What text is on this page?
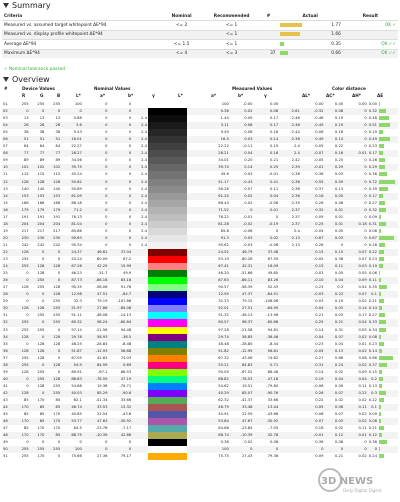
Summary
Criteria	Nominal	Recommended	#	Actual	Result
Measured vs. assumed target whitepoint ΔE*94	<= 2	<= 1		1.77	OK ✓
Measured vs. display profile whitepoint ΔE*94		<= 1		1.66	
Average ΔE*94	<= 1.5	<= 1		0.35	OK ✓✓
Maximum ΔE*94	<= 4	<= 3	37	0.66	OK ✓✓
✓ Nominal tolerance passed
Overview
#	Device Values	Nominal Values	Measured Values	Color distance
R	G	B	L*	a*	b*	γ	L*	a*	b*	γ	ΔL*	ΔC*	ΔH*	ΔE
01	255	255	255	100	0	0			100	-0.00	0.00		0.00	0.00	0.00	0.00	
02	0	0	0	0	0	0			0.36	0.02	0.08	2.61	-0.32	0.08	0	0.32	
03	13	13	13	0.88	0	0	2.4		1.44	0.09	0.17	2.46	-0.48	0.19	0	0.48	
04	26	26	26	3.6	0	0	2.4		3.11	0.08	0.17	2.46	-0.49	0.19	0	0.51	
05	38	38	38	9.43	0	0	2.4		9.49	0.08	0.16	2.44	0.06	0.18	0	0.19	
06	51	51	51	16.01	0	0	2.4		16.5	0.03	0.14	2.38	0.49	0.14	0	0.49	
07	64	64	64	22.27	0	0	2.4		22.22	-0.11	0.19	2.4	0.05	0.22	0	0.23	
08	77	77	77	28.27	0	0	2.4		28.21	0.04	0.16	2.4	-0.07	0.16	0.01	0.17	
09	89	89	89	34.06	0	0	2.4		34.01	0.20	0.21	2.42	-0.05	0.25	0	0.26	
10	102	102	102	39.75	0	0	2.4		39.74	0.14	0.25	2.39	-0.01	0.29	0	0.29	
11	115	115	115	45.24	0	0	2.4		45.6	0.03	-0.01	2.38	0.36	0.03	0	0.36	
12	128	128	128	50.62	0	0	2.4		51.17	-0.43	0.41	2.36	0.55	0.59	0	0.72	
13	140	140	140	55.89	0	0	2.4		56.26	0.07	0.11	2.36	0.37	0.13	0	0.39	
14	153	153	153	61.09	0	0	2.4		61.25	0.02	0.04	2.36	0.16	0.05	0	0.17	
15	166	166	166	66.18	0	0	2.4		66.44	0.02	-0.06	2.35	0.26	0.06	0	0.27	
16	179	179	179	71.2	0	0	2.4		71.52	0	0.01	2.37	0.32	0.01	0	0.32	
17	191	191	191	76.13	0	0	2.4		76.22	-0.01	0	2.37	0.09	0.01	0	0.09	
18	204	204	204	81.04	0	0	2.4		81.28	-0.02	-0.19	2.37	0.25	0.01	0.18	0.31	
19	217	217	217	85.86	0	0	2.4		85.8	-0.06	0	2.4	-0.05	0.05	0	0.08	
20	230	230	230	90.63	0	0	2.4		91.3	0.03	0.02	2.13	0.67	0.03	0	0.67	
21	242	242	242	95.34	0	0	2.4		95.62	-0.03	-0.08	2.13	0.28	0	0	0.28	
22	128	0	0	24.37	46.61	37.04			24.52	46.79	37.48		0.15	0.15	0.07	0.22	
23	255	0	0	53.24	80.09	67.2			53.19	80.28	67.59		-0.05	0.38	0.07	0.23	
24	255	128	128	67.26	42.25	15.99			67.41	42.31	16.09		0.15	0.11	0.03	0.19	
25	0	128	0	46.23	-51.7	49.9			46.20	-51.66	49.85		-0.03	0.05	0.05	0.06	
26	0	255	0	87.73	-86.18	83.18			87.63	-86.11	83.26		-0.10	0.04	0.09	0.11	
27	128	255	128	90.35	-58.06	51.76			90.57	-58.39	52.43		0.23	0.3	0.54	0.35	
28	0	0	128	12.98	47.51	-64.7			12.95	47.37	-64.51		-0.03	0.23	0.07	0.1	
29	0	0	255	32.3	79.19	-107.86			32.33	79.15	-108.06		0.03	0.19	0.02	0.21	
30	128	128	255	51.97	27.66	-65.08			52.01	27.51	-64.95		0.04	0.03	0.14	0.14	
31	0	255	255	91.11	-48.08	-14.13			91.32	-48.13	-13.96		0.21	0.03	0.17	0.27	
32	255	0	255	60.32	98.24	-60.84			60.57	98.37	-60.68		0.25	0.21	0.04	0.33	
33	255	255	0	97.14	-21.56	94.48			97.28	-21.58	94.81		0.14	0.31	0.05	0.34	
34	128	0	128	29.78	58.93	-36.5			29.74	58.85	-36.46		-0.04	0.07	0.02	0.08	
35	0	128	128	48.25	-28.84	-8.48			48.48	-28.80	-8.44		0.23	0.04	0.01	0.23	
36	128	128	0	51.87	-12.93	56.68			51.82	-12.95	56.81		-0.05	0.13	0.02	0.14	
37	255	128	0	67.05	42.83	74.03			67.32	43.08	74.62		0.27	0.66	0.08	0.66	
38	255	0	128	54.9	84.59	0.69			55.21	84.83	0.71		0.31	0.24	0.02	0.37	
39	128	255	0	89.91	-67.1	86.53			90.05	-67.02	86.46		0.14	0.02	0.09	0.15	
40	0	255	128	88.63	-76.59	47.19			88.82	-76.53	47.18		0.19	0.04	0.04	0.2	
41	0	128	255	54.68	19.38	-79.71			54.62	19.51	-79.80		-0.06	0.09	0.11	0.13	
42	128	0	255	40.03	85.29	-90.6			40.29	85.07	-90.76		0.26	0.07	0.22	0.3	
43	85	170	85	62.1	-41.34	33.66			62.32	-41.37	33.66		0.22	0.02	0.02	0.22	
44	170	85	85	46.74	33.53	13.32			46.79	33.48	13.44		0.05	0.06	0.11	0.1	
45	85	85	170	40.85	22.54	-43.6			40.91	22.59	-43.66		0.06	0.07	0.02	0.09	
46	170	85	170	53.77	47.63	-30.92			53.84	47.67	-30.92		0.07	0.03	0.02	0.08	
47	85	170	170	64.5	-23.78	-7.17			64.68	-23.84	-7.05		0.18	0.02	0.11	0.21	
48	170	170	85	68.75	-10.39	42.66			68.74	-10.39	42.78		-0.01	0.12	0.01	0.12	
49	0	0	0	0	0	0			0.36	0.02	0.08		0.36	0.08	0	0.36	
50	255	255	255	100	0	0			100	0	0		0	0	0	0	
51	255	170	0	75.66	27.36	79.17			75.75	27.43	79.38		0.09	0.21	0.02	0.24	
3D NEWS
Daily Digital Digest
